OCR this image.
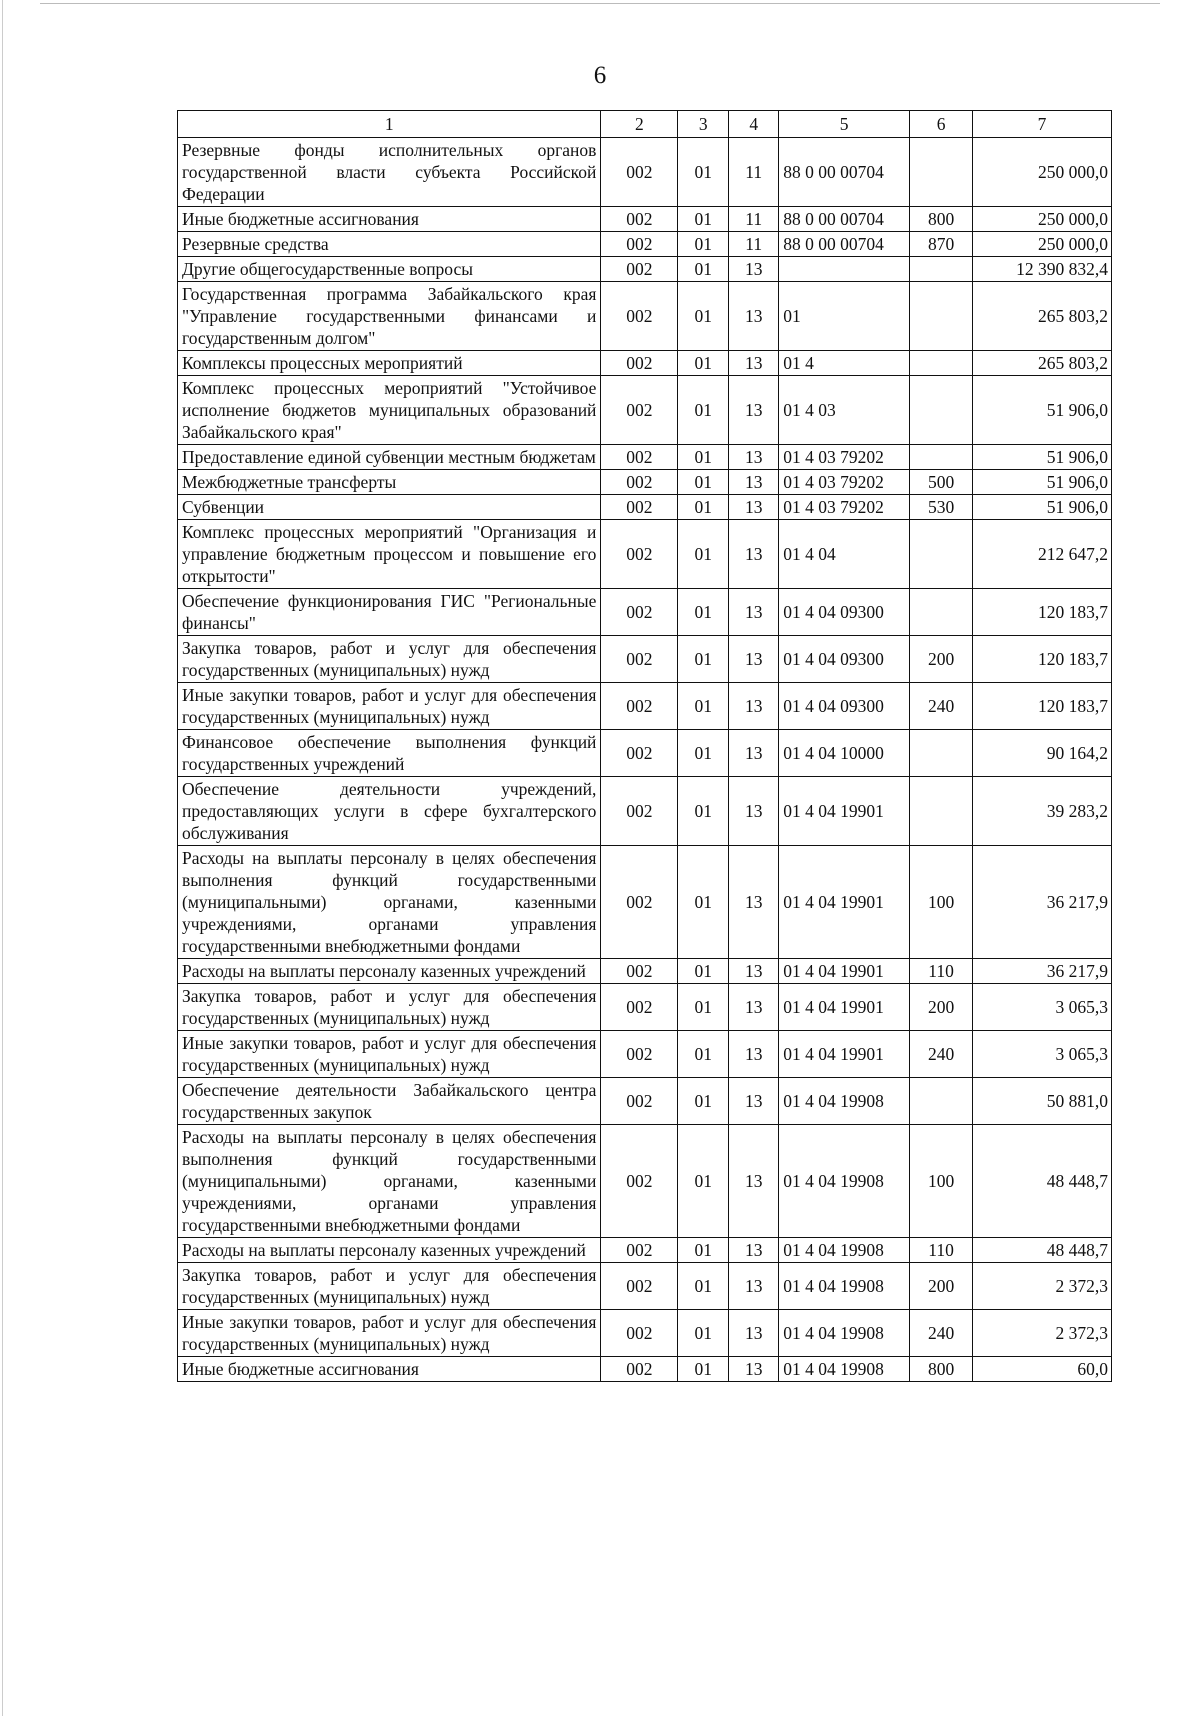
6
1	2	3	4	5	6	7
Резервные фонды исполнительных органов государственной власти субъекта Российской Федерации	002	01	11	88 0 00 00704		250 000,0
Иные бюджетные ассигнования	002	01	11	88 0 00 00704	800	250 000,0
Резервные средства	002	01	11	88 0 00 00704	870	250 000,0
Другие общегосударственные вопросы	002	01	13			12 390 832,4
Государственная программа Забайкальского края "Управление государственными финансами и государственным долгом"	002	01	13	01		265 803,2
Комплексы процессных мероприятий	002	01	13	01 4		265 803,2
Комплекс процессных мероприятий "Устойчивое исполнение бюджетов муниципальных образований Забайкальского края"	002	01	13	01 4 03		51 906,0
Предоставление единой субвенции местным бюджетам	002	01	13	01 4 03 79202		51 906,0
Межбюджетные трансферты	002	01	13	01 4 03 79202	500	51 906,0
Субвенции	002	01	13	01 4 03 79202	530	51 906,0
Комплекс процессных мероприятий "Организация и управление бюджетным процессом и повышение его открытости"	002	01	13	01 4 04		212 647,2
Обеспечение функционирования ГИС "Региональные финансы"	002	01	13	01 4 04 09300		120 183,7
Закупка товаров, работ и услуг для обеспечения государственных (муниципальных) нужд	002	01	13	01 4 04 09300	200	120 183,7
Иные закупки товаров, работ и услуг для обеспечения государственных (муниципальных) нужд	002	01	13	01 4 04 09300	240	120 183,7
Финансовое обеспечение выполнения функций государственных учреждений	002	01	13	01 4 04 10000		90 164,2
Обеспечение деятельности учреждений, предоставляющих услуги в сфере бухгалтерского обслуживания	002	01	13	01 4 04 19901		39 283,2
Расходы на выплаты персоналу в целях обеспечения выполнения функций государственными (муниципальными) органами, казенными учреждениями, органами управления государственными внебюджетными фондами	002	01	13	01 4 04 19901	100	36 217,9
Расходы на выплаты персоналу казенных учреждений	002	01	13	01 4 04 19901	110	36 217,9
Закупка товаров, работ и услуг для обеспечения государственных (муниципальных) нужд	002	01	13	01 4 04 19901	200	3 065,3
Иные закупки товаров, работ и услуг для обеспечения государственных (муниципальных) нужд	002	01	13	01 4 04 19901	240	3 065,3
Обеспечение деятельности Забайкальского центра государственных закупок	002	01	13	01 4 04 19908		50 881,0
Расходы на выплаты персоналу в целях обеспечения выполнения функций государственными (муниципальными) органами, казенными учреждениями, органами управления государственными внебюджетными фондами	002	01	13	01 4 04 19908	100	48 448,7
Расходы на выплаты персоналу казенных учреждений	002	01	13	01 4 04 19908	110	48 448,7
Закупка товаров, работ и услуг для обеспечения государственных (муниципальных) нужд	002	01	13	01 4 04 19908	200	2 372,3
Иные закупки товаров, работ и услуг для обеспечения государственных (муниципальных) нужд	002	01	13	01 4 04 19908	240	2 372,3
Иные бюджетные ассигнования	002	01	13	01 4 04 19908	800	60,0
